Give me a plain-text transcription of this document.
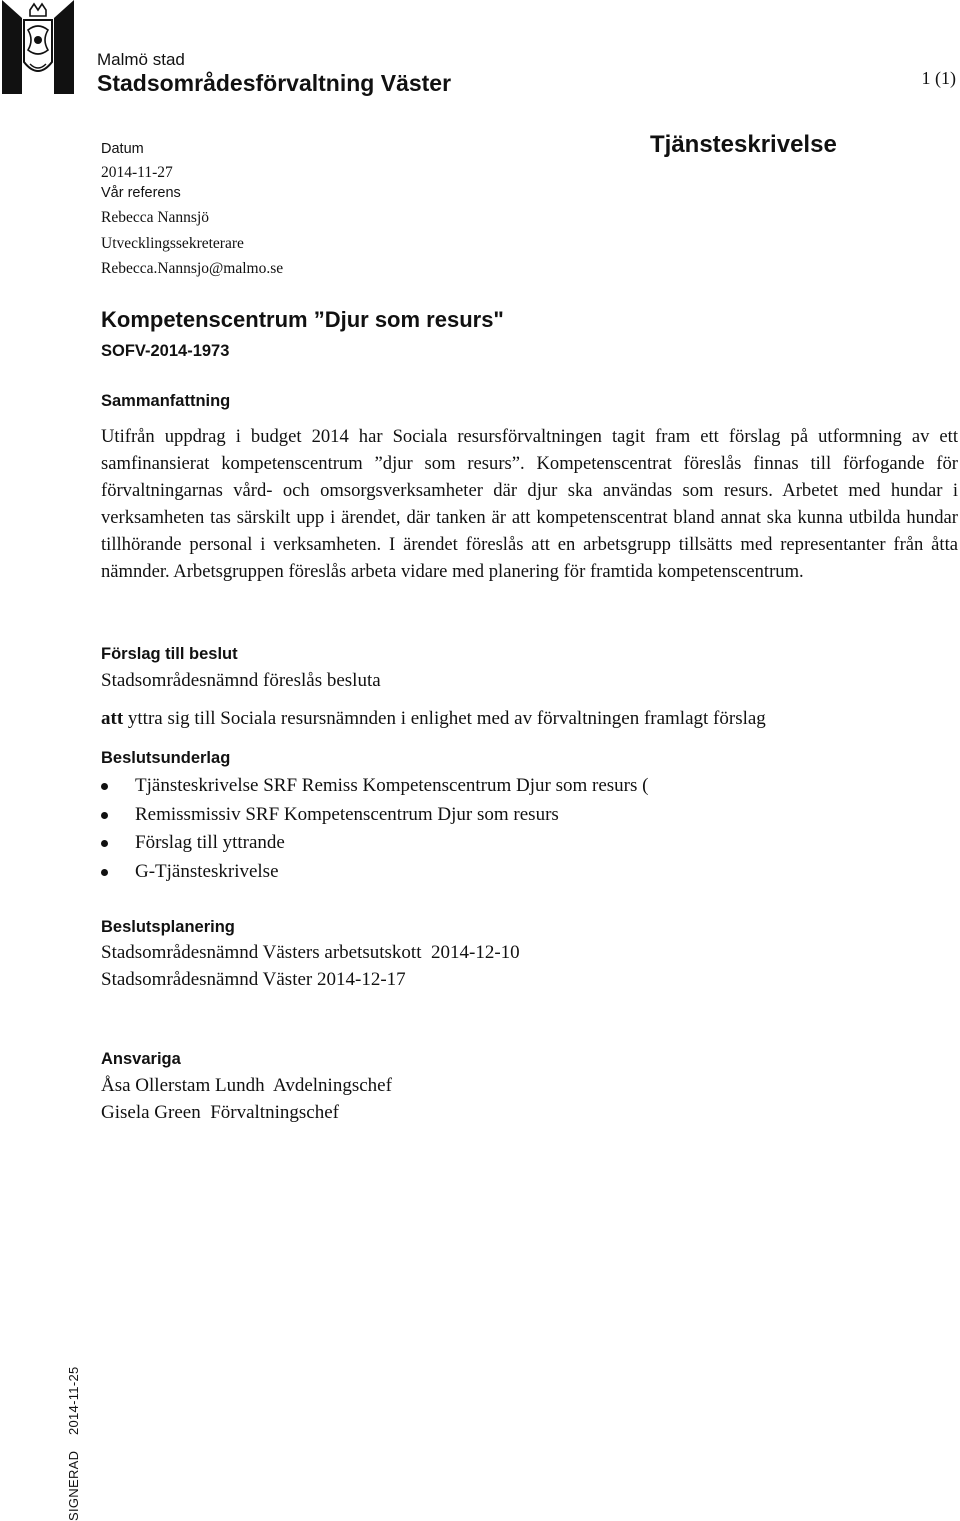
Malmö stad
Stadsområdesförvaltning Väster	1 (1)
Datum
2014-11-27
Vår referens
Rebecca Nannsjö
Utvecklingssekreterare
Rebecca.Nannsjo@malmo.se
Tjänsteskrivelse
Kompetenscentrum ”Djur som resurs"
SOFV-2014-1973
Sammanfattning
Utifrån uppdrag i budget 2014 har Sociala resursförvaltningen tagit fram ett förslag på utformning av ett samfinansierat kompetenscentrum ”djur som resurs”. Kompetenscentrat föreslås finnas till förfogande för förvaltningarnas vård- och omsorgsverksamheter där djur ska användas som resurs. Arbetet med hundar i verksamheten tas särskilt upp i ärendet, där tanken är att kompetenscentrat bland annat ska kunna utbilda hundar tillhörande personal i verksamheten. I ärendet föreslås att en arbetsgrupp tillsätts med representanter från åtta nämnder. Arbetsgruppen föreslås arbeta vidare med planering för framtida kompetenscentrum.
Förslag till beslut
Stadsområdesnämnd föreslås besluta
att yttra sig till Sociala resursnämnden i enlighet med av förvaltningen framlagt förslag
Beslutsunderlag
Tjänsteskrivelse SRF Remiss Kompetenscentrum Djur som resurs (
Remissmissiv SRF Kompetenscentrum Djur som resurs
Förslag till yttrande
G-Tjänsteskrivelse
Beslutsplanering
Stadsområdesnämnd Västers arbetsutskott  2014-12-10
Stadsområdesnämnd Väster 2014-12-17
Ansvariga
Åsa Ollerstam Lundh  Avdelningschef
Gisela Green  Förvaltningschef
SIGNERAD    2014-11-25
